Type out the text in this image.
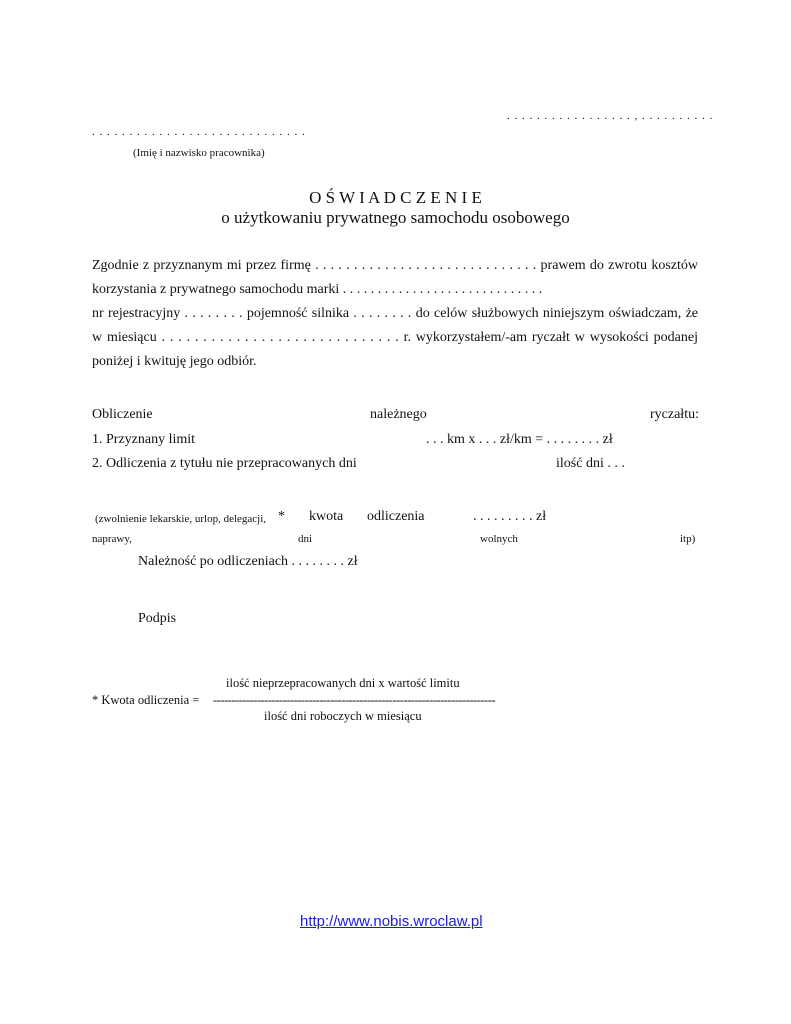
. . . . . . . . . . . . . . . . . , . . . . . . . . . .
. . . . . . . . . . . . . . . . . . . . . . . . . . . . .
(Imię i nazwisko pracownika)
O Ś W I A D C Z E N I E
o użytkowaniu prywatnego samochodu osobowego
Zgodnie z przyznanym mi przez firmę . . . . . . . . . . . . . . . . . . . . . . . . . . . . . prawem do zwrotu kosztów
korzystania z prywatnego samochodu marki . . . . . . . . . . . . . . . . . . . . . . . . . . . . .
nr rejestracyjny . . . . . . . . pojemność silnika . . . . . . . . do celów służbowych niniejszym oświadczam, że
w miesiącu . . . . . . . . . . . . . . . . . . . . . . . . . . . . . r. wykorzystałem/-am ryczałt w wysokości podanej
poniżej i kwituję jego odbiór.
Obliczenie	należnego	ryczałtu:
1. Przyznany limit	. . . km x . . . zł/km = . . . . . . . . zł
2. Odliczenia z tytułu nie przepracowanych dni	ilość dni . . .
(zwolnienie lekarskie, urlop, delegacji, * kwota odliczenia	. . . . . . . . . zł
naprawy,	dni	wolnych	itp)
Należność po odliczeniach . . . . . . . . zł
Podpis
ilość nieprzepracowanych dni x wartość limitu
* Kwota odliczenia = -----------------------------------------------------------------------------
ilość dni roboczych w miesiącu
http://www.nobis.wroclaw.pl
